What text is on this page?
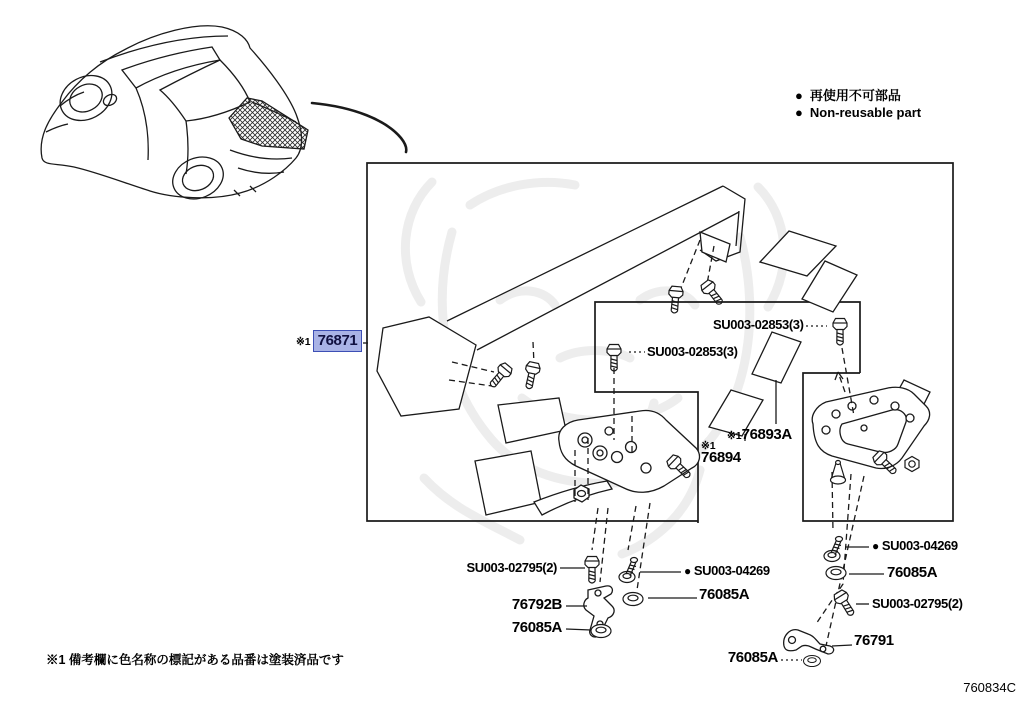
● 再使用不可部品
● Non-reusable part
※1 76871
SU003-02853(3)
SU003-02853(3)
※176893A
※1
76894
SU003-02795(2)
76792B
76085A
● SU003-04269
76085A
● SU003-04269
76085A
SU003-02795(2)
76791
76085A
※1 備考欄に色名称の標記がある品番は塗装済品です
760834C
